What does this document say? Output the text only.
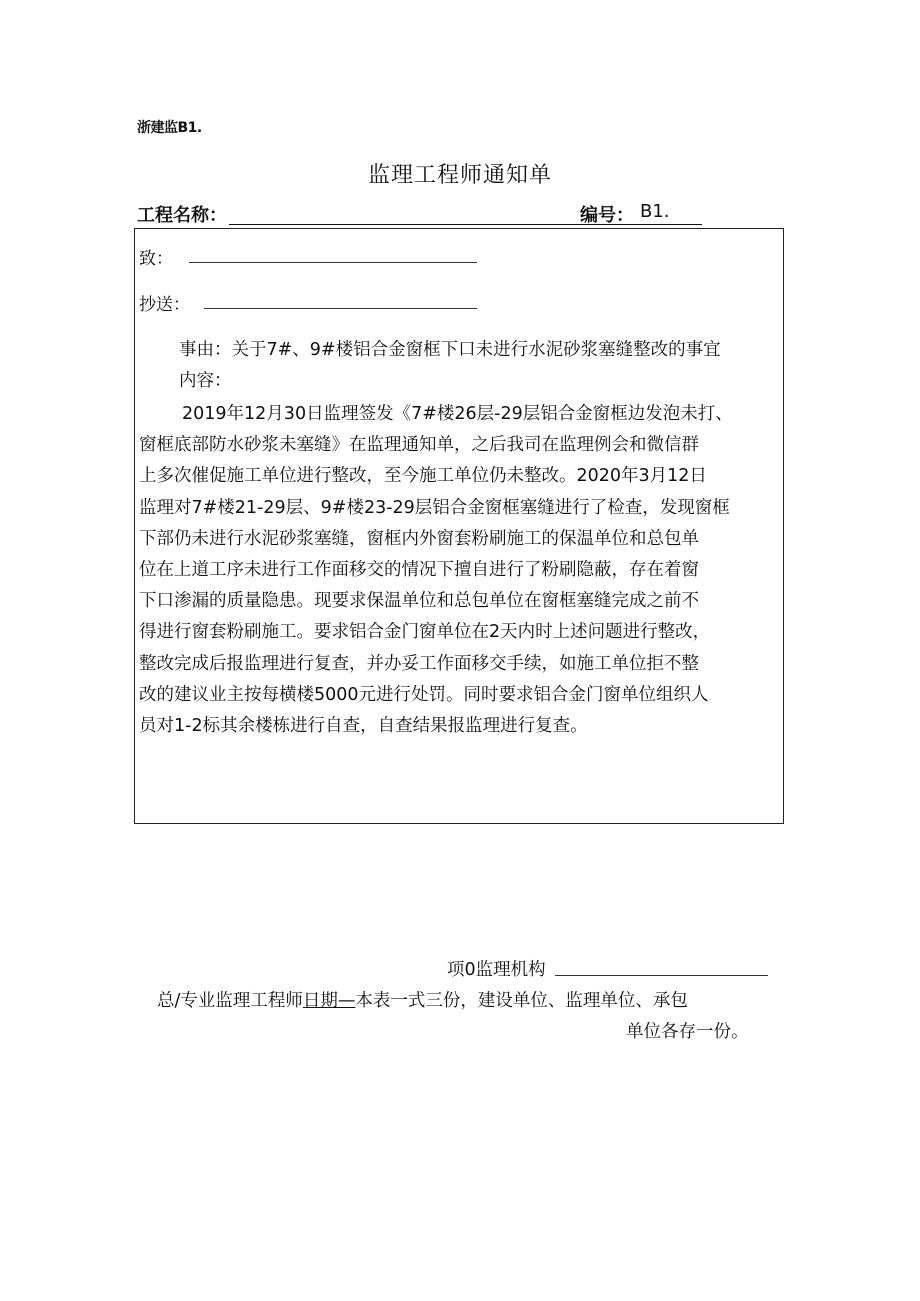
浙建监B1.
监理工程师通知单
工程名称：	编号： B1.
致：
抄送：
事由：关于7#、9#楼铝合金窗框下口未进行水泥砂浆塞缝整改的事宜
内容：
2019年12月30日监理签发《7#楼26层-29层铝合金窗框边发泡未打、
窗框底部防水砂浆未塞缝》在监理通知单，之后我司在监理例会和微信群
上多次催促施工单位进行整改，至今施工单位仍未整改。2020年3月12日
监理对7#楼21-29层、9#楼23-29层铝合金窗框塞缝进行了检查，发现窗框
下部仍未进行水泥砂浆塞缝，窗框内外窗套粉刷施工的保温单位和总包单
位在上道工序未进行工作面移交的情况下擅自进行了粉刷隐蔽，存在着窗
下口渗漏的质量隐患。现要求保温单位和总包单位在窗框塞缝完成之前不
得进行窗套粉刷施工。要求铝合金门窗单位在2天内时上述问题进行整改，
整改完成后报监理进行复查，并办妥工作面移交手续，如施工单位拒不整
改的建议业主按每横楼5000元进行处罚。同时要求铝合金门窗单位组织人
员对1-2标其余楼栋进行自查，自查结果报监理进行复查。
项0监理机构
总/专业监理工程师日期—本表一式三份，建设单位、监理单位、承包
单位各存一份。
